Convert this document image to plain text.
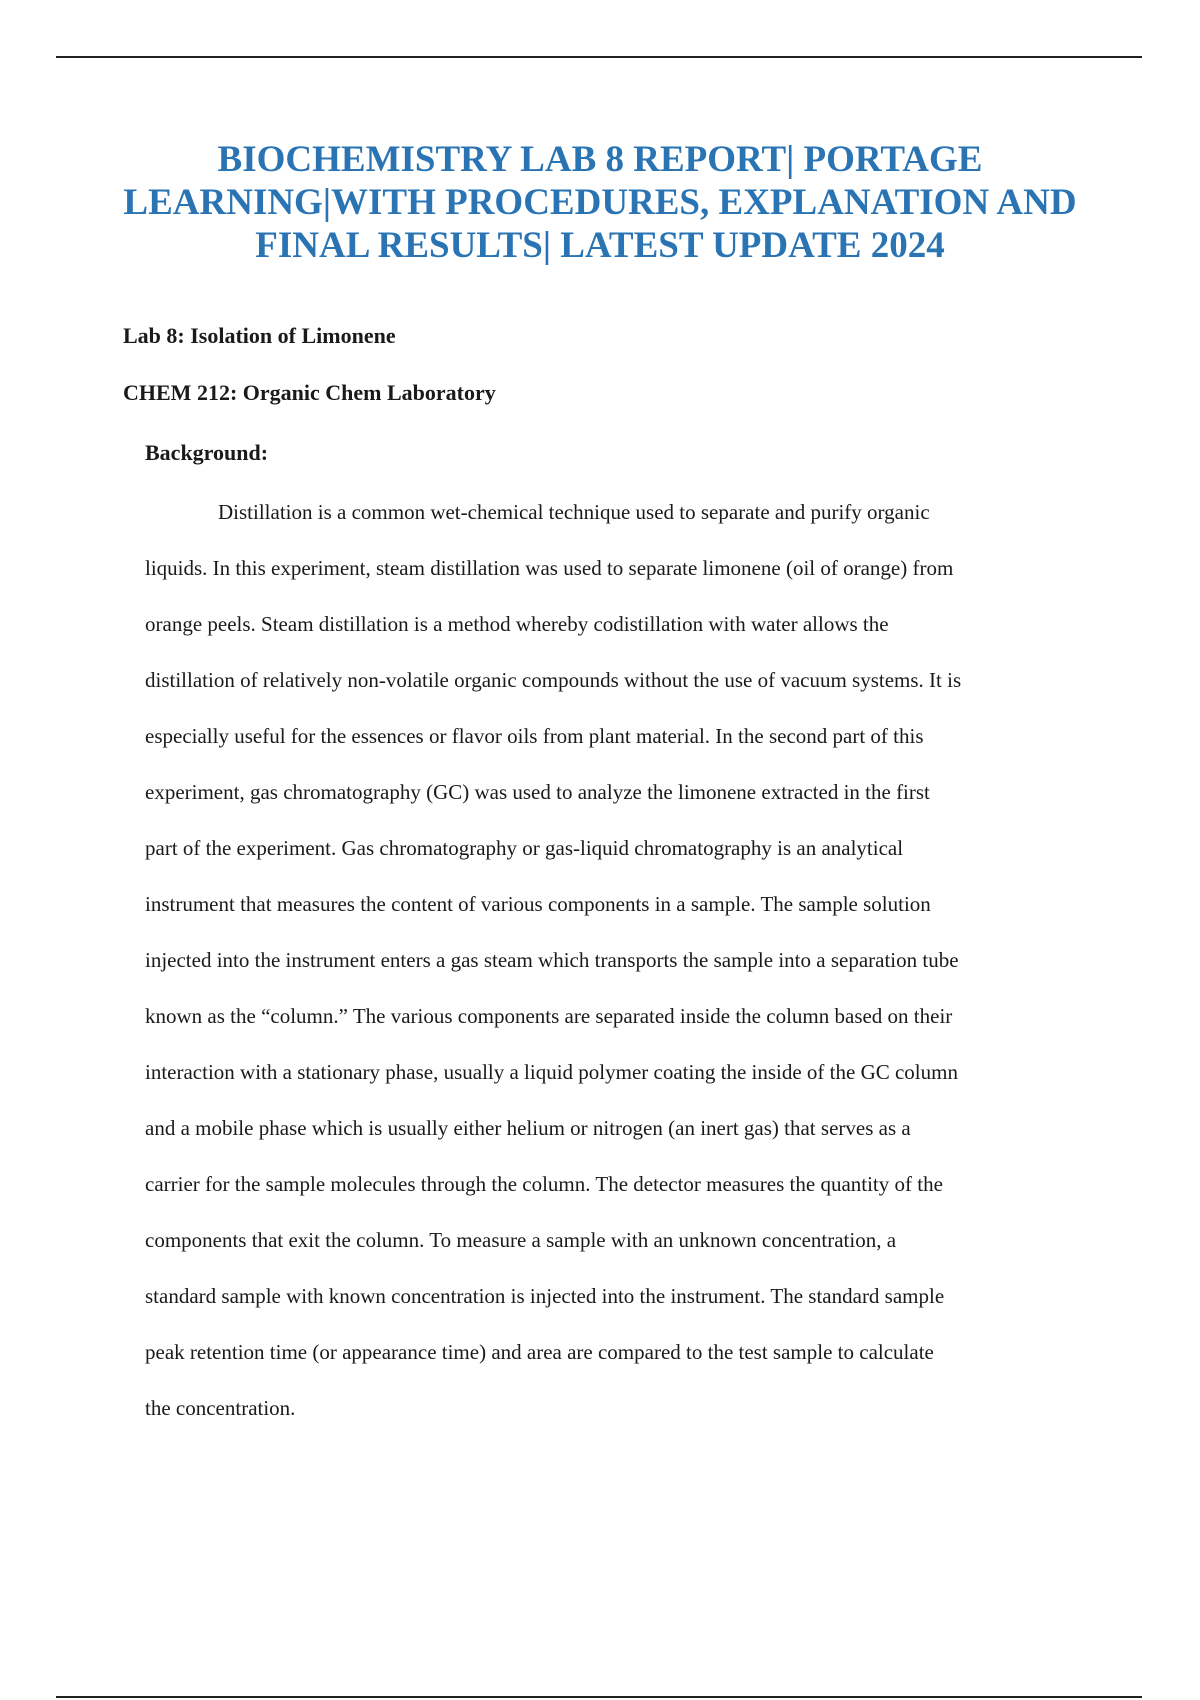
BIOCHEMISTRY LAB 8 REPORT| PORTAGE
LEARNING|WITH PROCEDURES, EXPLANATION AND
FINAL RESULTS| LATEST UPDATE 2024

Lab 8: Isolation of Limonene

CHEM 212: Organic Chem Laboratory

Background:

Distillation is a common wet-chemical technique used to separate and purify organic
liquids. In this experiment, steam distillation was used to separate limonene (oil of orange) from
orange peels. Steam distillation is a method whereby codistillation with water allows the
distillation of relatively non-volatile organic compounds without the use of vacuum systems. It is
especially useful for the essences or flavor oils from plant material. In the second part of this
experiment, gas chromatography (GC) was used to analyze the limonene extracted in the first
part of the experiment. Gas chromatography or gas-liquid chromatography is an analytical
instrument that measures the content of various components in a sample. The sample solution
injected into the instrument enters a gas steam which transports the sample into a separation tube
known as the “column.” The various components are separated inside the column based on their
interaction with a stationary phase, usually a liquid polymer coating the inside of the GC column
and a mobile phase which is usually either helium or nitrogen (an inert gas) that serves as a
carrier for the sample molecules through the column. The detector measures the quantity of the
components that exit the column. To measure a sample with an unknown concentration, a
standard sample with known concentration is injected into the instrument. The standard sample
peak retention time (or appearance time) and area are compared to the test sample to calculate
the concentration.
